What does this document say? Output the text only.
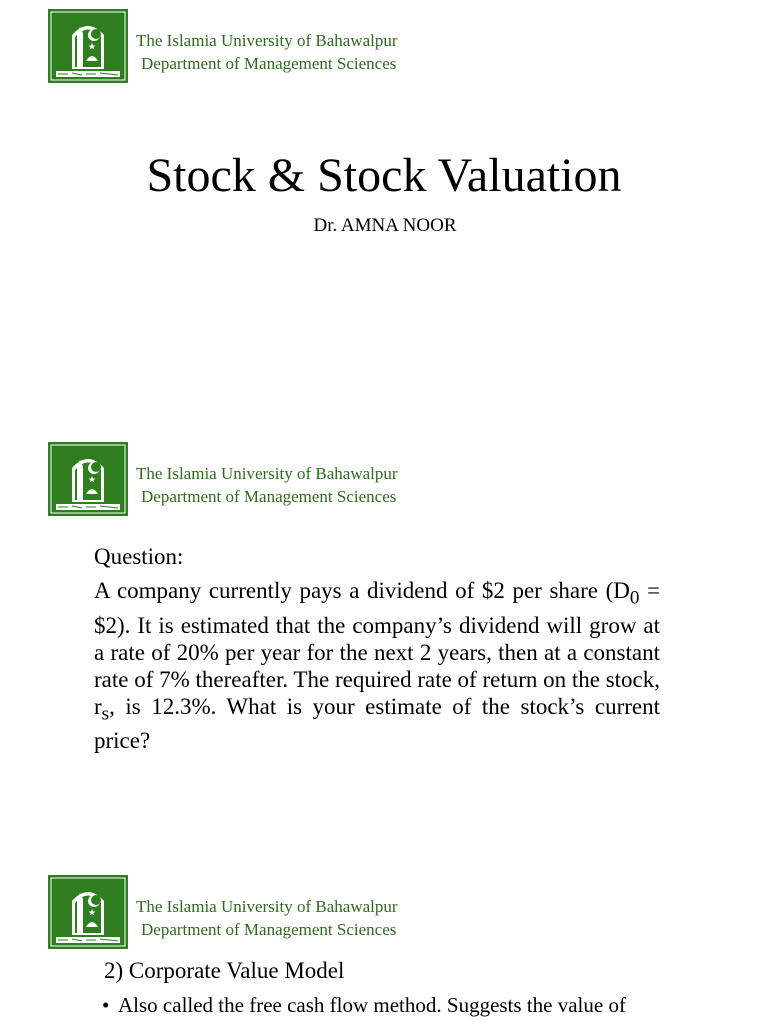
The Islamia University of Bahawalpur
Department of Management Sciences
Stock & Stock Valuation
Dr. AMNA NOOR
The Islamia University of Bahawalpur
Department of Management Sciences
Question:
A company currently pays a dividend of $2 per share ($D_0$ = $2). It is estimated that the company’s dividend will grow at a rate of 20% per year for the next 2 years, then at a constant rate of 7% thereafter. The required rate of return on the stock, $r_s$, is 12.3%. What is your estimate of the stock’s current price?
The Islamia University of Bahawalpur
Department of Management Sciences
2) Corporate Value Model
• Also called the free cash flow method. Suggests the value of
